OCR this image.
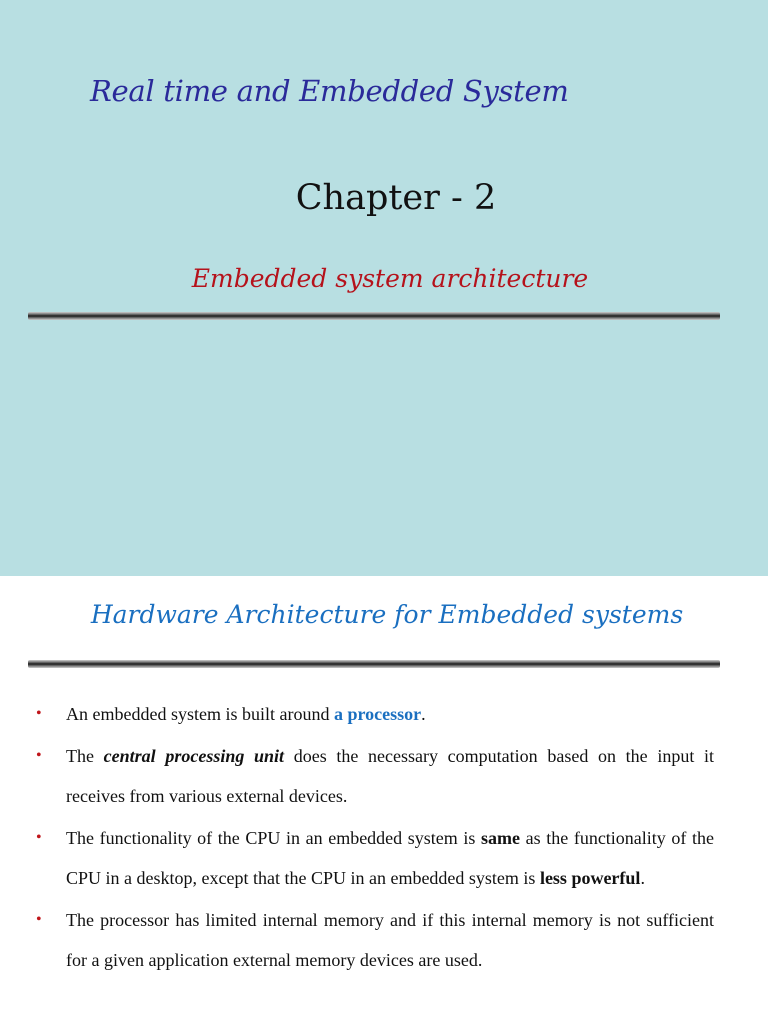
Real time and Embedded System
Chapter - 2
Embedded system architecture
Hardware Architecture for Embedded systems
• An embedded system is built around a processor.
• The central processing unit does the necessary computation based on the input it receives from various external devices.
• The functionality of the CPU in an embedded system is same as the functionality of the CPU in a desktop, except that the CPU in an embedded system is less powerful.
• The processor has limited internal memory and if this internal memory is not sufficient for a given application external memory devices are used.
